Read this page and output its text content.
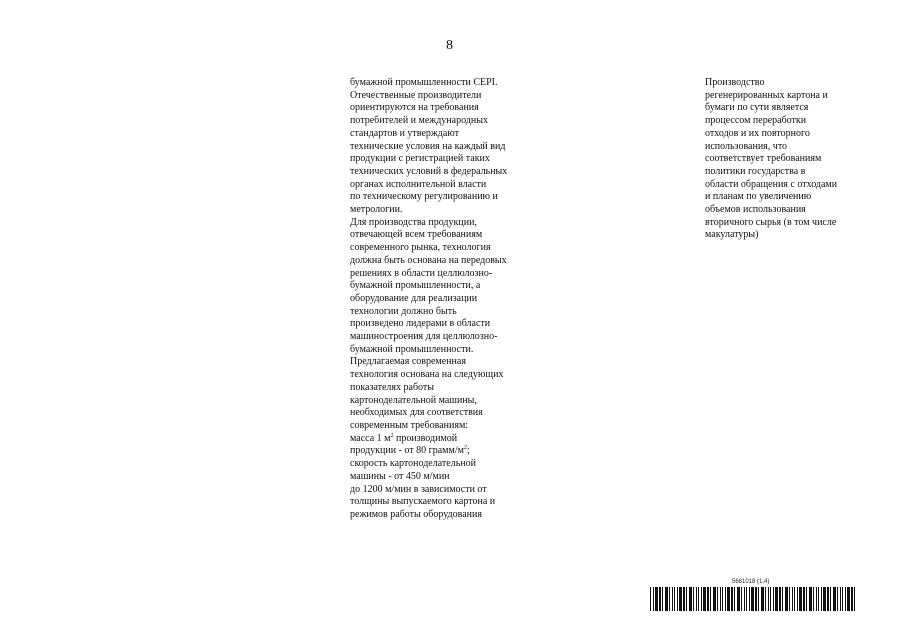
8
бумажной промышленности CEPI.
Отечественные производители
ориентируются на требования
потребителей и международных
стандартов и утверждают
технические условия на каждый вид
продукции с регистрацией таких
технических условий в федеральных
органах исполнительной власти
по техническому регулированию и
метрологии.
Для производства продукции,
отвечающей всем требованиям
современного рынка, технология
должна быть основана на передовых
решениях в области целлюлозно-
бумажной промышленности, а
оборудование для реализации
технологии должно быть
произведено лидерами в области
машиностроения для целлюлозно-
бумажной промышленности.
Предлагаемая современная
технология основана на следующих
показателях работы
картоноделательной машины,
необходимых для соответствия
современным требованиям:
масса 1 $м^2$ производимой
продукции - от 80 грамм/$м^2$;
скорость картоноделательной
машины - от 450 м/мин
до 1200 м/мин в зависимости от
толщины выпускаемого картона и
режимов работы оборудования
Производство
регенерированных картона и
бумаги по сути является
процессом переработки
отходов и их повторного
использования, что
соответствует требованиям
политики государства в
области обращения с отходами
и планам по увеличению
объемов использования
вторичного сырья (в том числе
макулатуры)
5681018 (1.4)
